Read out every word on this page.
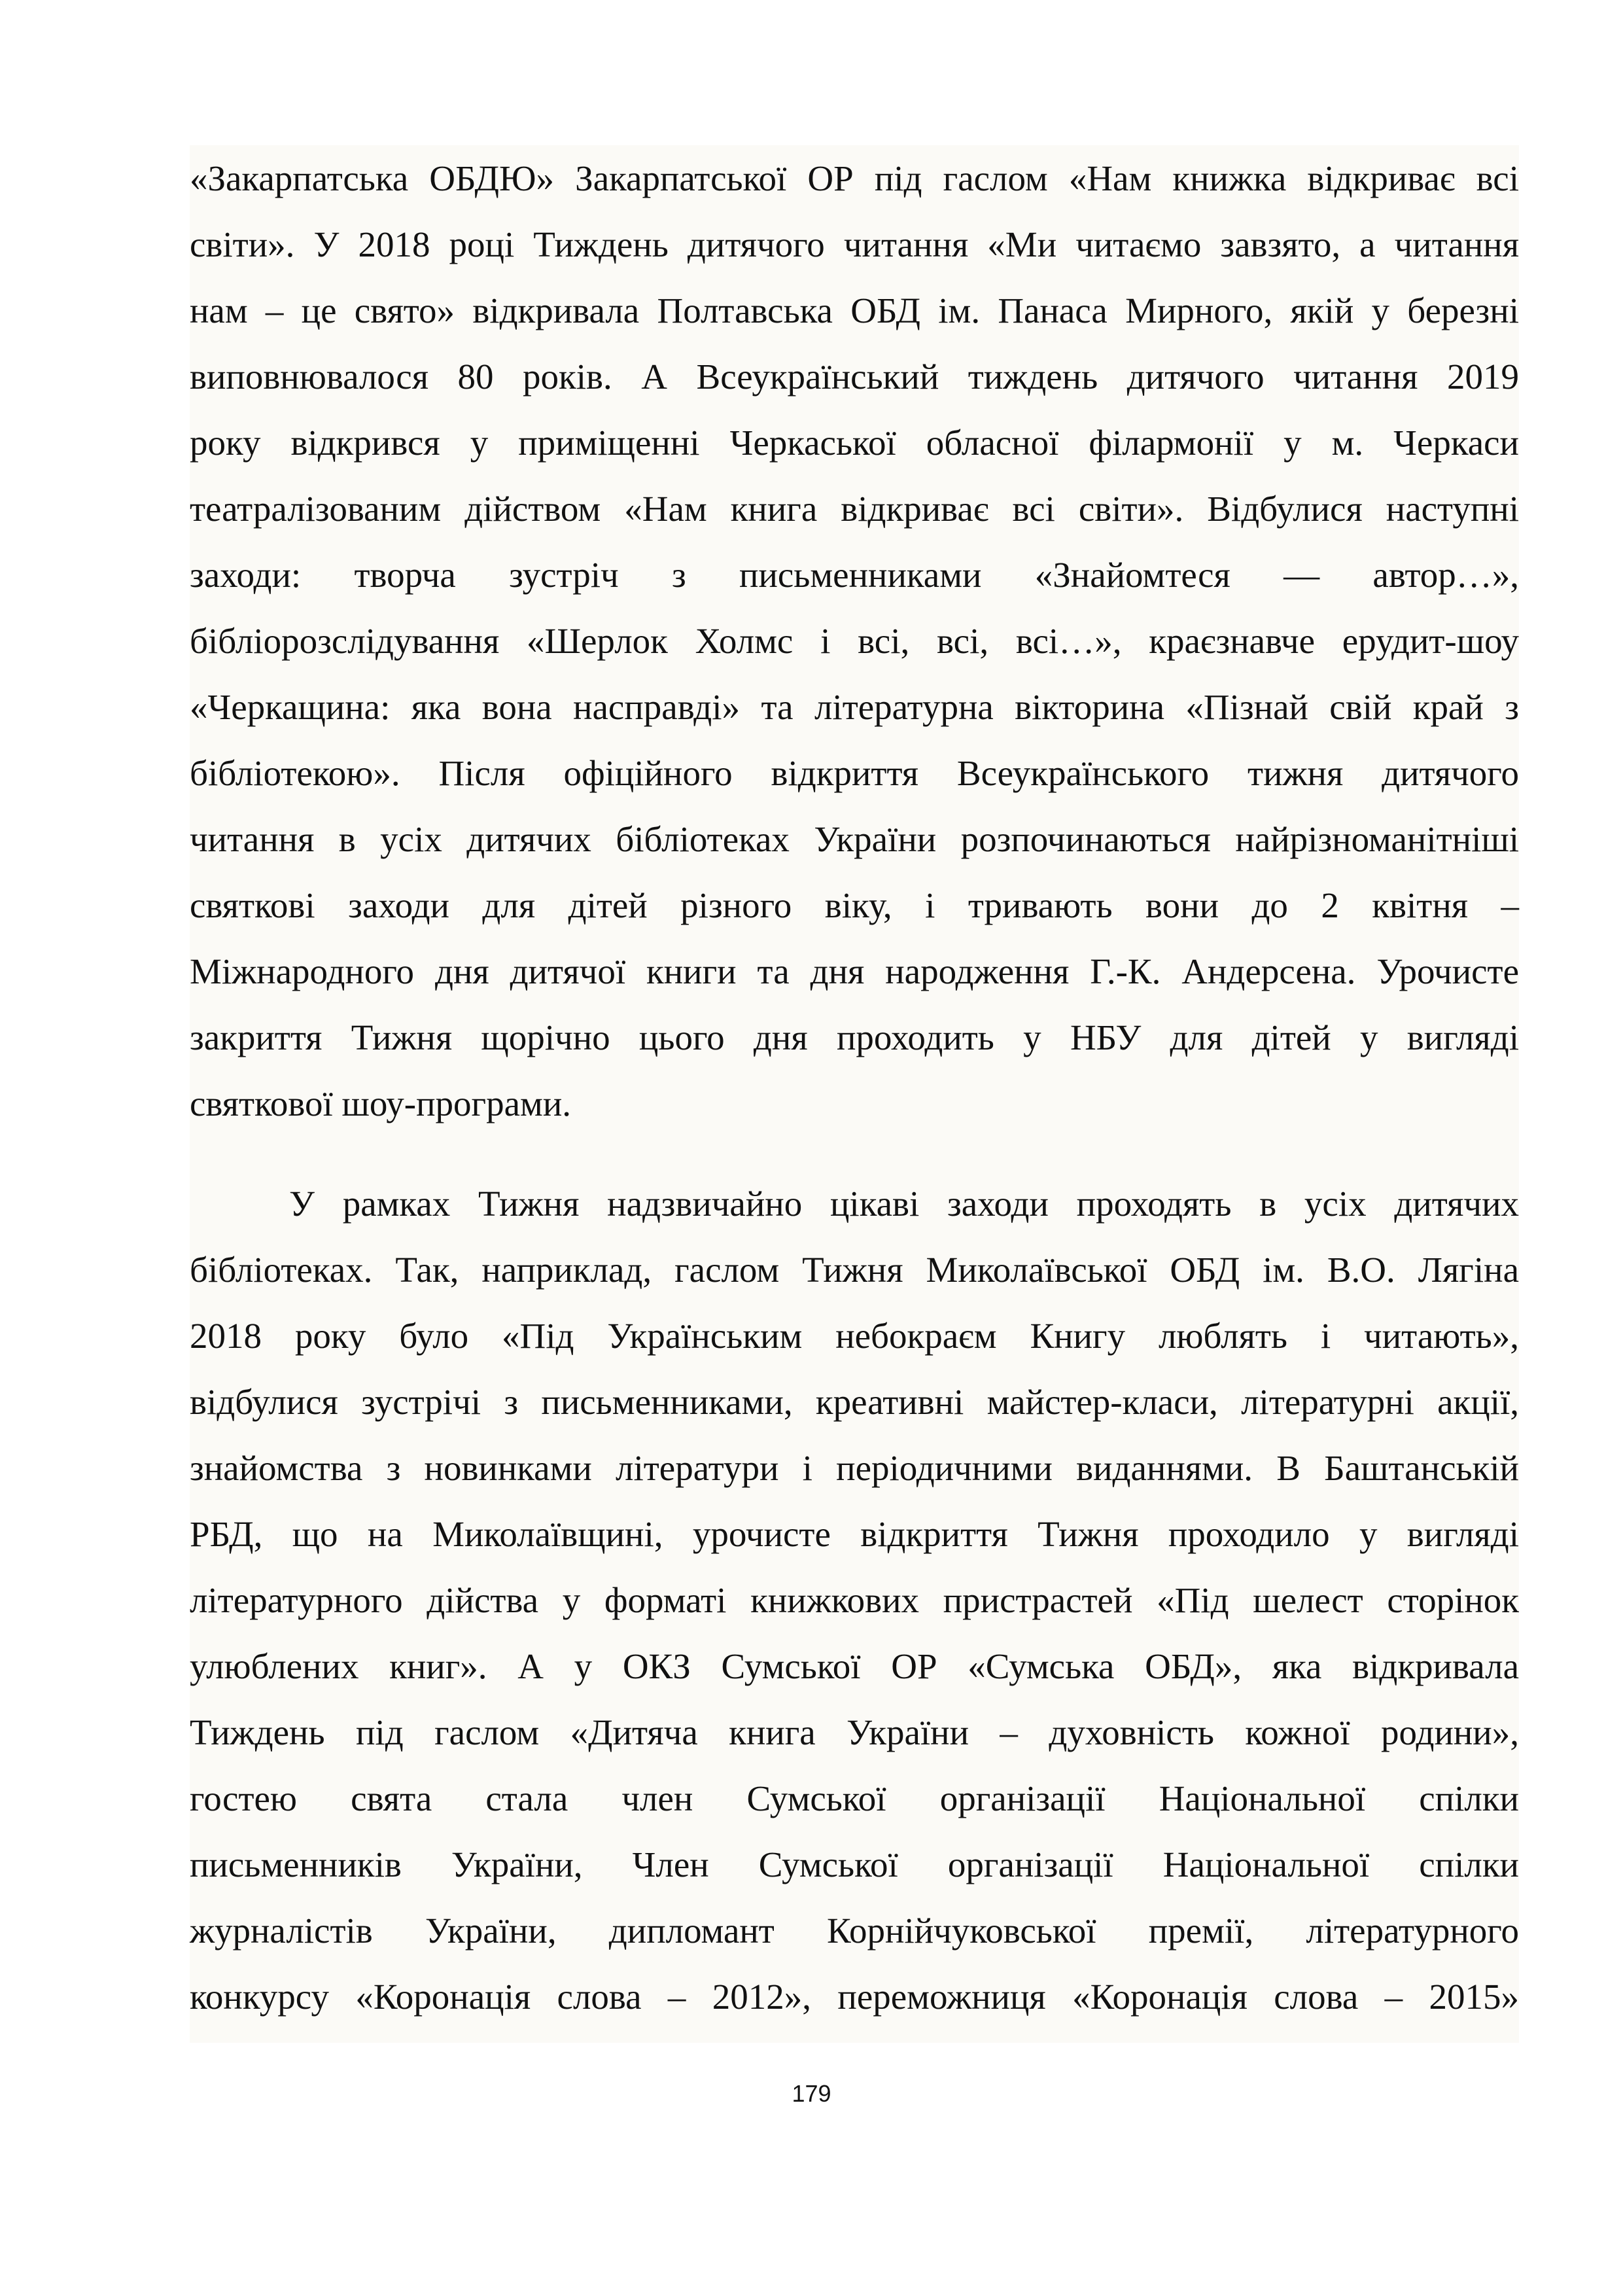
«Закарпатська ОБДЮ» Закарпатської ОР під гаслом «Нам книжка відкриває всі
світи». У 2018 році Тиждень дитячого читання «Ми читаємо завзято, а читання
нам – це свято» відкривала Полтавська ОБД ім. Панаса Мирного, якій у березні
виповнювалося 80 років. А Всеукраїнський тиждень дитячого читання 2019
року відкрився у приміщенні Черкаської обласної філармонії у м. Черкаси
театралізованим дійством «Нам книга відкриває всі світи». Відбулися наступні
заходи: творча зустріч з письменниками «Знайомтеся — автор…»,
бібліорозслідування «Шерлок Холмс і всі, всі, всі…», краєзнавче ерудит-шоу
«Черкащина: яка вона насправді» та літературна вікторина «Пізнай свій край з
бібліотекою». Після офіційного відкриття Всеукраїнського тижня дитячого
читання в усіх дитячих бібліотеках України розпочинаються найрізноманітніші
святкові заходи для дітей різного віку, і тривають вони до 2 квітня –
Міжнародного дня дитячої книги та дня народження Г.-К. Андерсена. Урочисте
закриття Тижня щорічно цього дня проходить у НБУ для дітей у вигляді
святкової шоу-програми.
У рамках Тижня надзвичайно цікаві заходи проходять в усіх дитячих
бібліотеках. Так, наприклад, гаслом Тижня Миколаївської ОБД ім. В.О. Лягіна
2018 року було «Під Українським небокраєм Книгу люблять і читають»,
відбулися зустрічі з письменниками, креативні майстер-класи, літературні акції,
знайомства з новинками літератури і періодичними виданнями. В Баштанській
РБД, що на Миколаївщині, урочисте відкриття Тижня проходило у вигляді
літературного дійства у форматі книжкових пристрастей «Під шелест сторінок
улюблених книг». А у ОКЗ Сумської ОР «Сумська ОБД», яка відкривала
Тиждень під гаслом «Дитяча книга України – духовність кожної родини»,
гостею свята стала член Сумської організації Національної спілки
письменників України, Член Сумської організації Національної спілки
журналістів України, дипломант Корнійчуковської премії, літературного
конкурсу «Коронація слова – 2012», переможниця «Коронація слова – 2015»
179
